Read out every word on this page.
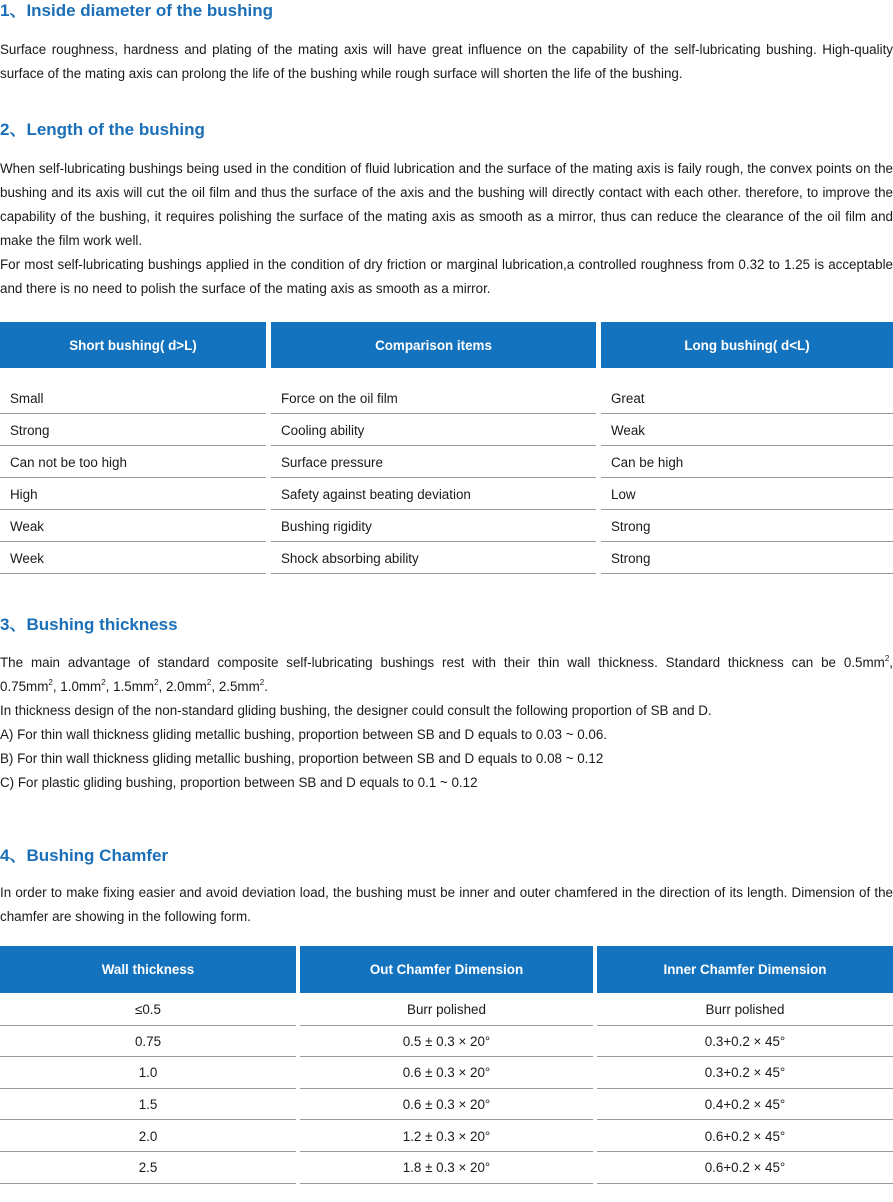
1、Inside diameter of the bushing

Surface roughness, hardness and plating of the mating axis will have great influence on the capability of the self-lubricating bushing. High-quality surface of the mating axis can prolong the life of the bushing while rough surface will shorten the life of the bushing.

2、Length of the bushing

When self-lubricating bushings being used in the condition of fluid lubrication and the surface of the mating axis is faily rough, the convex points on the bushing and its axis will cut the oil film and thus the surface of the axis and the bushing will directly contact with each other. therefore, to improve the capability of the bushing, it requires polishing the surface of the mating axis as smooth as a mirror, thus can reduce the clearance of the oil film and make the film work well.

For most self-lubricating bushings applied in the condition of dry friction or marginal lubrication,a controlled roughness from 0.32 to 1.25 is acceptable and there is no need to polish the surface of the mating axis as smooth as a mirror.

Short bushing( d>L)	Comparison items	Long bushing( d<L)
Small	Force on the oil film	Great
Strong	Cooling ability	Weak
Can not be too high	Surface pressure	Can be high
High	Safety against beating deviation	Low
Weak	Bushing rigidity	Strong
Week	Shock absorbing ability	Strong
3、Bushing thickness

The main advantage of standard composite self-lubricating bushings rest with their thin wall thickness. Standard thickness can be $0.5mm^2$,

$0.75mm^2$, $1.0mm^2$, $1.5mm^2$, $2.0mm^2$, $2.5mm^2$.

In thickness design of the non-standard gliding bushing, the designer could consult the following proportion of SB and D.

A) For thin wall thickness gliding metallic bushing, proportion between SB and D equals to 0.03 ~ 0.06.

B) For thin wall thickness gliding metallic bushing, proportion between SB and D equals to 0.08 ~ 0.12

C) For plastic gliding bushing, proportion between SB and D equals to 0.1 ~ 0.12

4、Bushing Chamfer

In order to make fixing easier and avoid deviation load, the bushing must be inner and outer chamfered in the direction of its length. Dimension of the chamfer are showing in the following form.

Wall thickness	Out Chamfer Dimension	Inner Chamfer Dimension
≤0.5	Burr polished	Burr polished
0.75	0.5 ± 0.3 × 20°	0.3+0.2 × 45°
1.0	0.6 ± 0.3 × 20°	0.3+0.2 × 45°
1.5	0.6 ± 0.3 × 20°	0.4+0.2 × 45°
2.0	1.2 ± 0.3 × 20°	0.6+0.2 × 45°
2.5	1.8 ± 0.3 × 20°	0.6+0.2 × 45°
